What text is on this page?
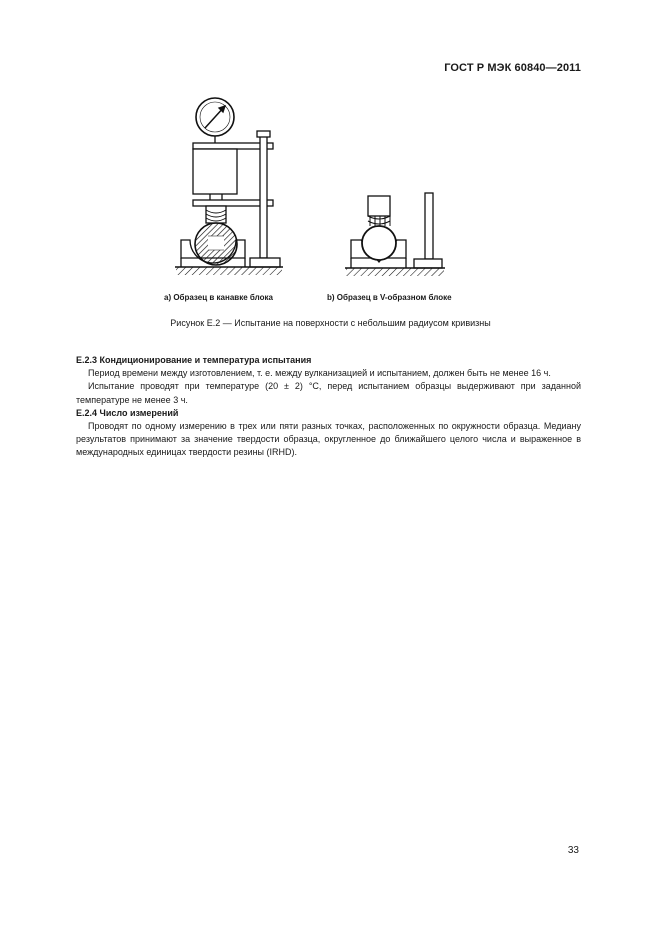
ГОСТ Р МЭК 60840—2011
a) Образец в канавке блока	b) Образец в V-образном блоке
Рисунок Е.2 — Испытание на поверхности с небольшим радиусом кривизны

Е.2.3 Кондиционирование и температура испытания

Период времени между изготовлением, т. е. между вулканизацией и испытанием, должен быть не менее 16 ч.

Испытание проводят при температуре (20 ± 2) °С, перед испытанием образцы выдерживают при заданной температуре не менее 3 ч.

Е.2.4 Число измерений

Проводят по одному измерению в трех или пяти разных точках, расположенных по окружности образца. Медиану результатов принимают за значение твердости образца, округленное до ближайшего целого числа и выраженное в международных единицах твердости резины (IRHD).

33
